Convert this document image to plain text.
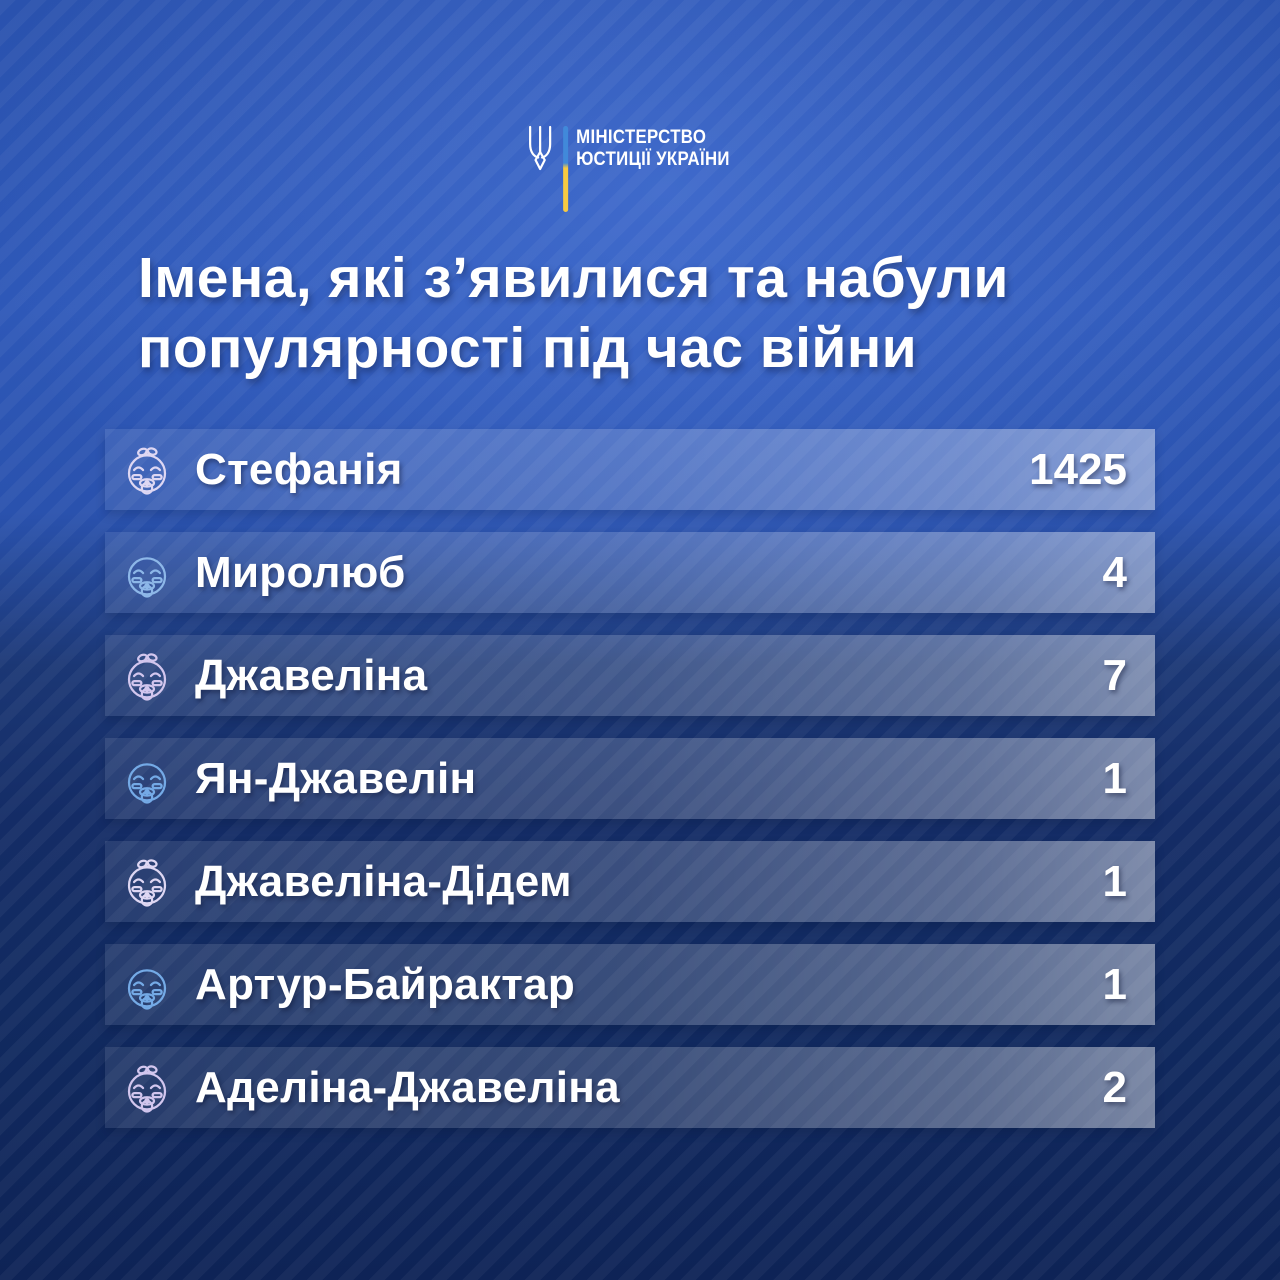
МІНІСТЕРСТВО
ЮСТИЦІЇ УКРАЇНИ
Імена, які з’явилися та набули
популярності під час війни
Стефанія	1425
Миролюб	4
Джавеліна	7
Ян-Джавелін	1
Джавеліна-Дідем	1
Артур-Байрактар	1
Аделіна-Джавеліна	2
